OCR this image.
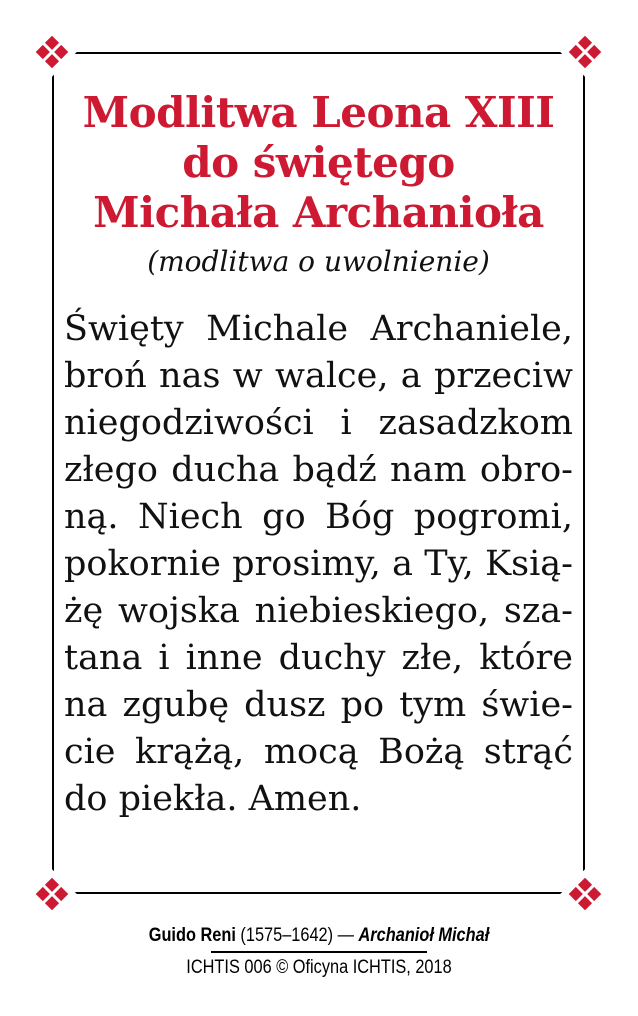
Modlitwa Leona XIII
do świętego
Michała Archanioła
(modlitwa o uwolnienie)
Święty Michale Archaniele,
broń nas w walce, a przeciw
niegodziwości i zasadzkom
złego ducha bądź nam obro-
ną. Niech go Bóg pogromi,
pokornie prosimy, a Ty, Ksią-
żę wojska niebieskiego, sza-
tana i inne duchy złe, które
na zgubę dusz po tym świe-
cie krążą, mocą Bożą strąć
do piekła. Amen.
Guido Reni (1575–1642) — Archanioł Michał
ICHTIS 006 © Oficyna ICHTIS, 2018
